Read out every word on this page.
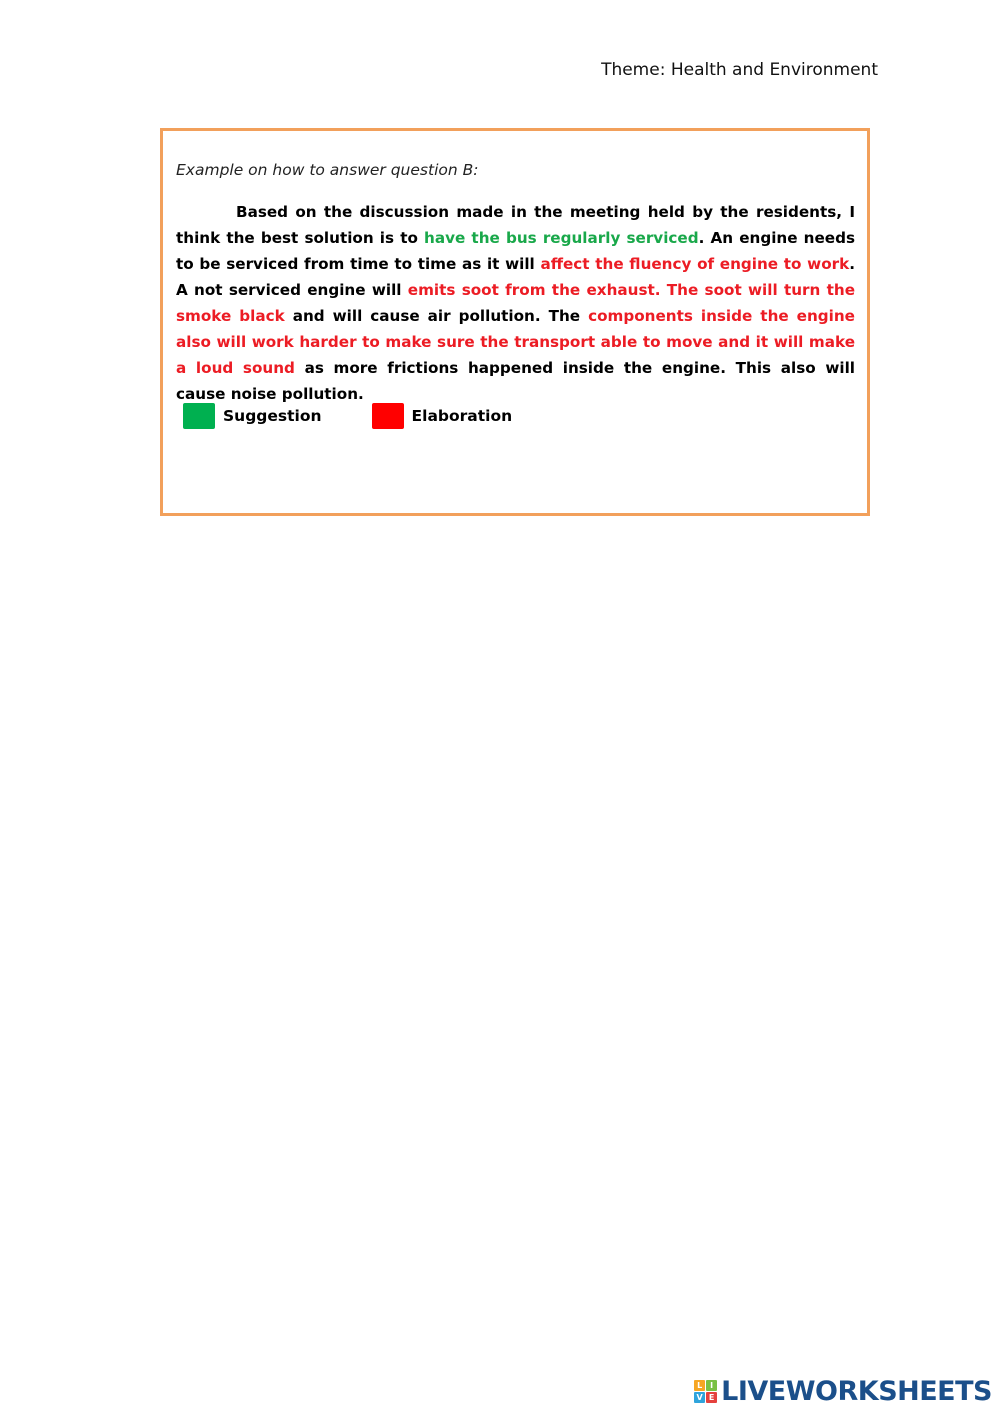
Theme: Health and Environment

Example on how to answer question B:

Based on the discussion made in the meeting held by the residents, I think the best solution is to have the bus regularly serviced. An engine needs to be serviced from time to time as it will affect the fluency of engine to work. A not serviced engine will emits soot from the exhaust. The soot will turn the smoke black and will cause air pollution. The components inside the engine also will work harder to make sure the transport able to move and it will make a loud sound as more frictions happened inside the engine. This also will cause noise pollution.

Suggestion	Elaboration
L I
V E LIVEWORKSHEETS
